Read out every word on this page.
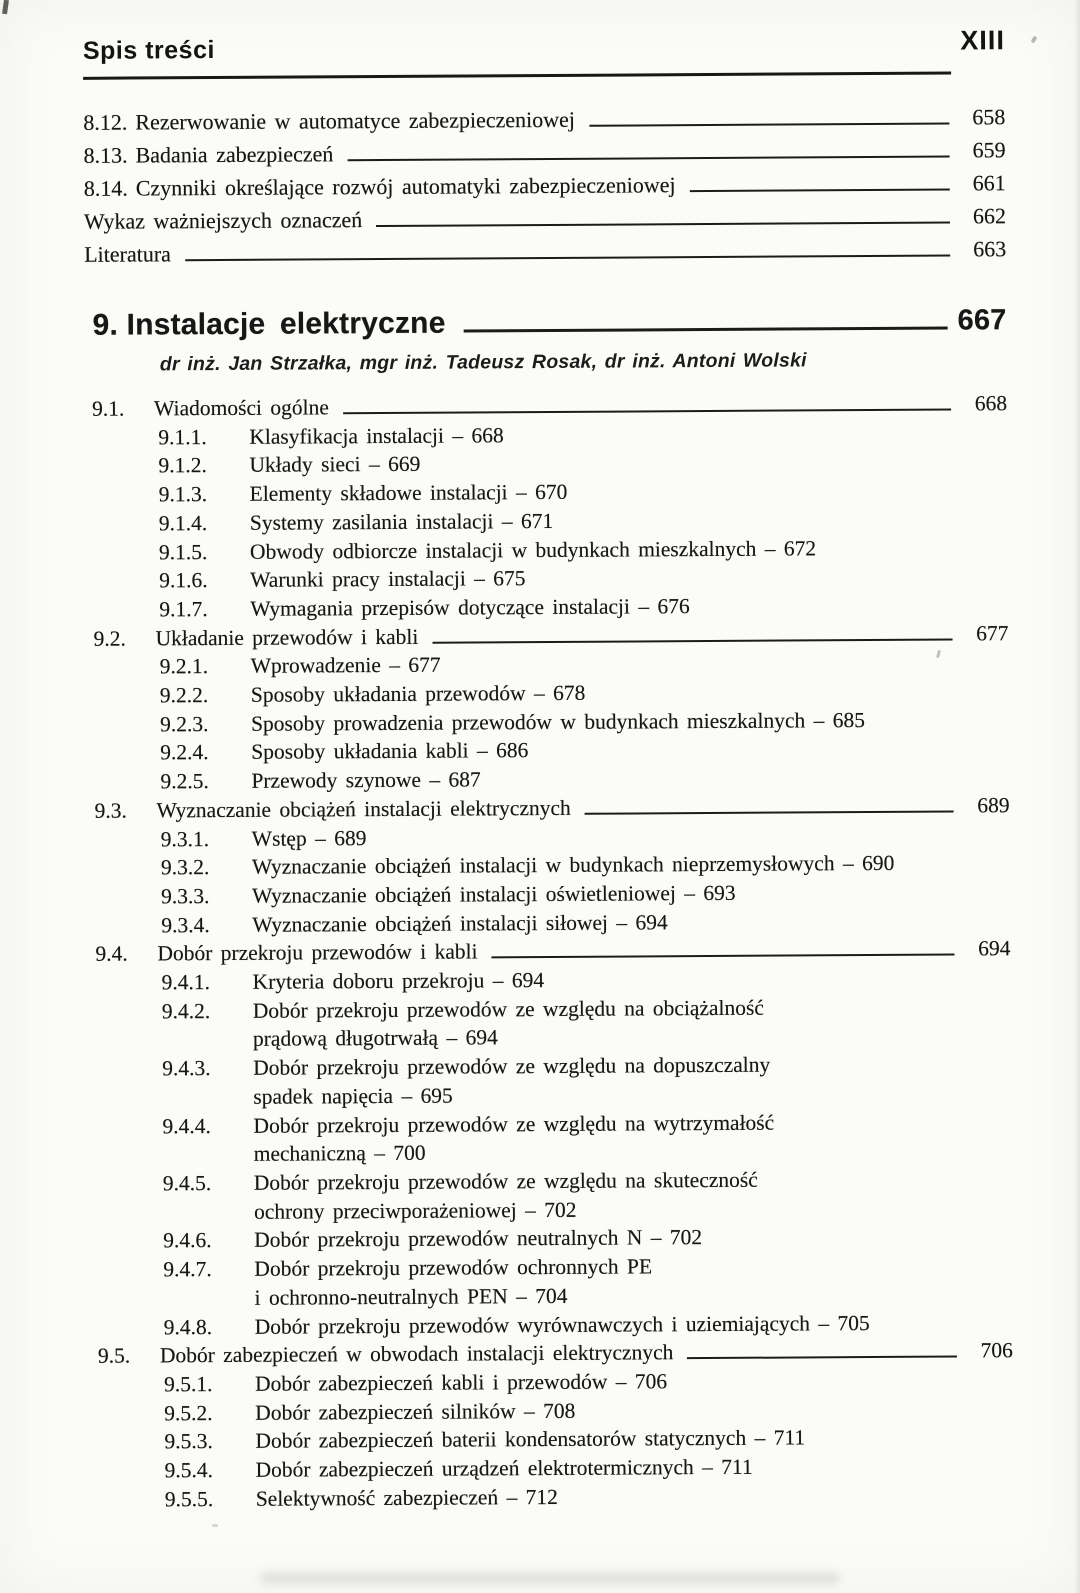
Spis treści	XIII
8.12. Rezerwowanie w automatyce zabezpieczeniowej	658
8.13. Badania zabezpieczeń	659
8.14. Czynniki określające rozwój automatyki zabezpieczeniowej	661
Wykaz ważniejszych oznaczeń	662
Literatura	663
9. Instalacje elektryczne	667
dr inż. Jan Strzałka, mgr inż. Tadeusz Rosak, dr inż. Antoni Wolski
9.1.	Wiadomości ogólne	668
9.1.1.	Klasyfikacja instalacji – 668
9.1.2.	Układy sieci – 669
9.1.3.	Elementy składowe instalacji – 670
9.1.4.	Systemy zasilania instalacji – 671
9.1.5.	Obwody odbiorcze instalacji w budynkach mieszkalnych – 672
9.1.6.	Warunki pracy instalacji – 675
9.1.7.	Wymagania przepisów dotyczące instalacji – 676
9.2.	Układanie przewodów i kabli	677
9.2.1.	Wprowadzenie – 677
9.2.2.	Sposoby układania przewodów – 678
9.2.3.	Sposoby prowadzenia przewodów w budynkach mieszkalnych – 685
9.2.4.	Sposoby układania kabli – 686
9.2.5.	Przewody szynowe – 687
9.3.	Wyznaczanie obciążeń instalacji elektrycznych	689
9.3.1.	Wstęp – 689
9.3.2.	Wyznaczanie obciążeń instalacji w budynkach nieprzemysłowych – 690
9.3.3.	Wyznaczanie obciążeń instalacji oświetleniowej – 693
9.3.4.	Wyznaczanie obciążeń instalacji siłowej – 694
9.4.	Dobór przekroju przewodów i kabli	694
9.4.1.	Kryteria doboru przekroju – 694
9.4.2.	Dobór przekroju przewodów ze względu na obciążalność
prądową długotrwałą – 694
9.4.3.	Dobór przekroju przewodów ze względu na dopuszczalny
spadek napięcia – 695
9.4.4.	Dobór przekroju przewodów ze względu na wytrzymałość
mechaniczną – 700
9.4.5.	Dobór przekroju przewodów ze względu na skuteczność
ochrony przeciwporażeniowej – 702
9.4.6.	Dobór przekroju przewodów neutralnych N – 702
9.4.7.	Dobór przekroju przewodów ochronnych PE
i ochronno-neutralnych PEN – 704
9.4.8.	Dobór przekroju przewodów wyrównawczych i uziemiających – 705
9.5.	Dobór zabezpieczeń w obwodach instalacji elektrycznych	706
9.5.1.	Dobór zabezpieczeń kabli i przewodów – 706
9.5.2.	Dobór zabezpieczeń silników – 708
9.5.3.	Dobór zabezpieczeń baterii kondensatorów statycznych – 711
9.5.4.	Dobór zabezpieczeń urządzeń elektrotermicznych – 711
9.5.5.	Selektywność zabezpieczeń – 712
